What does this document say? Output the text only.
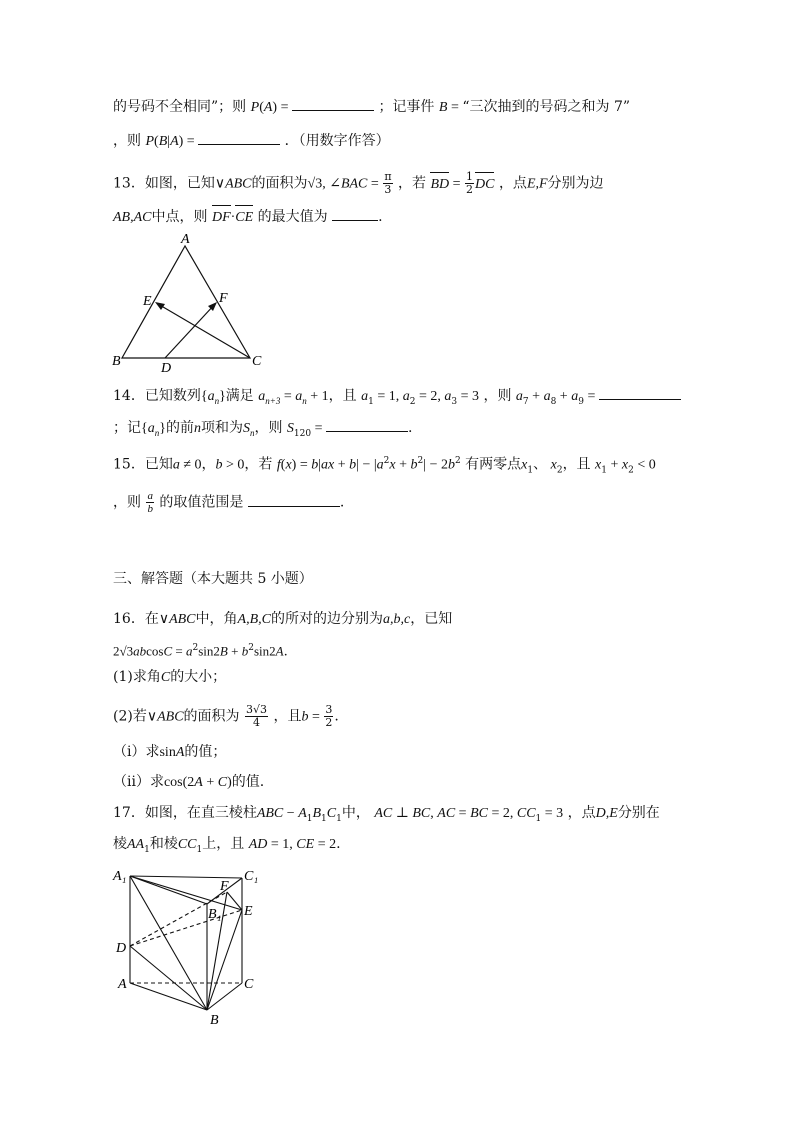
的号码不全相同”；则 P(A) =	；记事件 B = “三次抽到的号码之和为 7”
，则 P(B|A) =	．（用数字作答）
13．如图，已知∨ABC的面积为√3, ∠BAC = $\frac{\pi}{3}$ ，若 BD = $\frac{1}{2}$ DC ，点E,F分别为边
AB,AC中点，则 DF·CE 的最大值为	.
A
E	F
B	D	C
14．已知数列$\{a_n\}$满足 $a_{n+3} = a_n + 1$，且 $a_1 = 1$, $a_2 = 2$, $a_3 = 3$ ，则 $a_7 + a_8 + a_9$ =
；记$\{a_n\}$的前n项和为$S_n$，则 $S_{120}$ =	.
15．已知a ≠ 0，b > 0，若 $f(x) = b|ax + b| - |a^2x + b^2| - 2b^2$ 有两零点$x_1$、 $x_2$，且 $x_1 + x_2 < 0$
，则 $\frac{a}{b}$ 的取值范围是	.
三、解答题（本大题共 5 小题）
16．在∨ABC中，角A,B,C的所对的边分别为a,b,c，已知
$2√3abcosC = a^2\sin 2B + b^2\sin 2A$.
(1)求角C的大小；
(2)若∨ABC的面积为 $\frac{3√3}{4}$ ，且$b = \frac{3}{2}$ .
（i）求sinA的值；
（ii）求cos(2A + C)的值.
17．如图，在直三棱柱ABC − $A_1B_1C_1$中， AC ⊥ BC, AC = BC = 2, $CC_1 = 3$ ，点D,E分别在
棱$AA_1$和棱$CC_1$上，且 AD = 1, CE = 2.
A₁	C₁
F
B₁ E
D
A	C
B
